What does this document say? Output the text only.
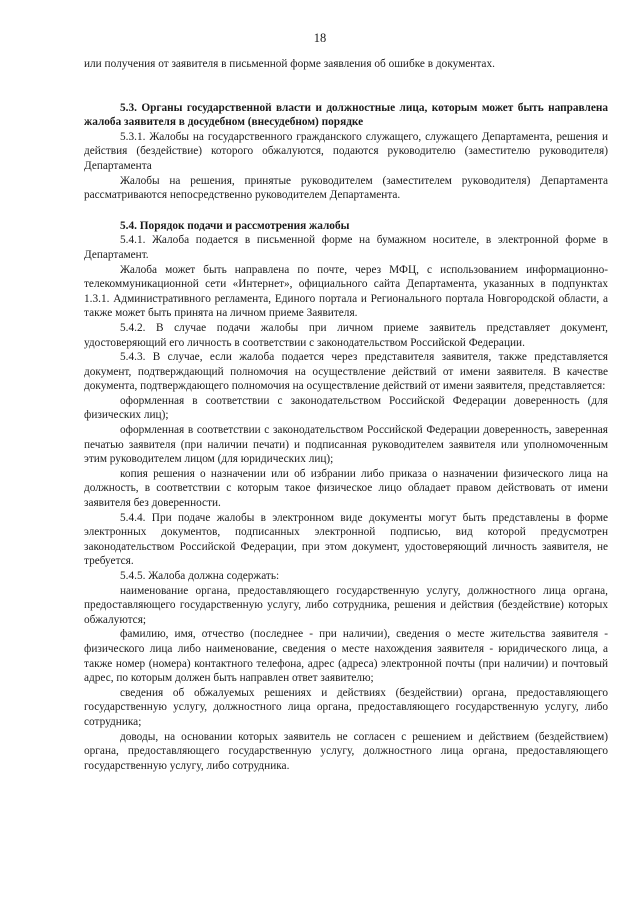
18

или получения от заявителя в письменной форме заявления об ошибке в документах.

5.3. Органы государственной власти и должностные лица, которым может быть направлена жалоба заявителя в досудебном (внесудебном) порядке

5.3.1. Жалобы на государственного гражданского служащего, служащего Департамента, решения и действия (бездействие) которого обжалуются, подаются руководителю (заместителю руководителя) Департамента

Жалобы на решения, принятые руководителем (заместителем руководителя) Департамента рассматриваются непосредственно руководителем Департамента.

5.4. Порядок подачи и рассмотрения жалобы

5.4.1. Жалоба подается в письменной форме на бумажном носителе, в электронной форме в Департамент.

Жалоба может быть направлена по почте, через МФЦ, с использованием информационно-телекоммуникационной сети «Интернет», официального сайта Департамента, указанных в подпунктах 1.3.1. Административного регламента, Единого портала и Регионального портала Новгородской области, а также может быть принята на личном приеме Заявителя.

5.4.2. В случае подачи жалобы при личном приеме заявитель представляет документ, удостоверяющий его личность в соответствии с законодательством Российской Федерации.

5.4.3. В случае, если жалоба подается через представителя заявителя, также представляется документ, подтверждающий полномочия на осуществление действий от имени заявителя. В качестве документа, подтверждающего полномочия на осуществление действий от имени заявителя, представляется:

оформленная в соответствии с законодательством Российской Федерации доверенность (для физических лиц);

оформленная в соответствии с законодательством Российской Федерации доверенность, заверенная печатью заявителя (при наличии печати) и подписанная руководителем заявителя или уполномоченным этим руководителем лицом (для юридических лиц);

копия решения о назначении или об избрании либо приказа о назначении физического лица на должность, в соответствии с которым такое физическое лицо обладает правом действовать от имени заявителя без доверенности.

5.4.4. При подаче жалобы в электронном виде документы могут быть представлены в форме электронных документов, подписанных электронной подписью, вид которой предусмотрен законодательством Российской Федерации, при этом документ, удостоверяющий личность заявителя, не требуется.

5.4.5. Жалоба должна содержать:

наименование органа, предоставляющего государственную услугу, должностного лица органа, предоставляющего государственную услугу, либо сотрудника, решения и действия (бездействие) которых обжалуются;

фамилию, имя, отчество (последнее - при наличии), сведения о месте жительства заявителя - физического лица либо наименование, сведения о месте нахождения заявителя - юридического лица, а также номер (номера) контактного телефона, адрес (адреса) электронной почты (при наличии) и почтовый адрес, по которым должен быть направлен ответ заявителю;

сведения об обжалуемых решениях и действиях (бездействии) органа, предоставляющего государственную услугу, должностного лица органа, предоставляющего государственную услугу, либо сотрудника;

доводы, на основании которых заявитель не согласен с решением и действием (бездействием) органа, предоставляющего государственную услугу, должностного лица органа, предоставляющего государственную услугу, либо сотрудника.
